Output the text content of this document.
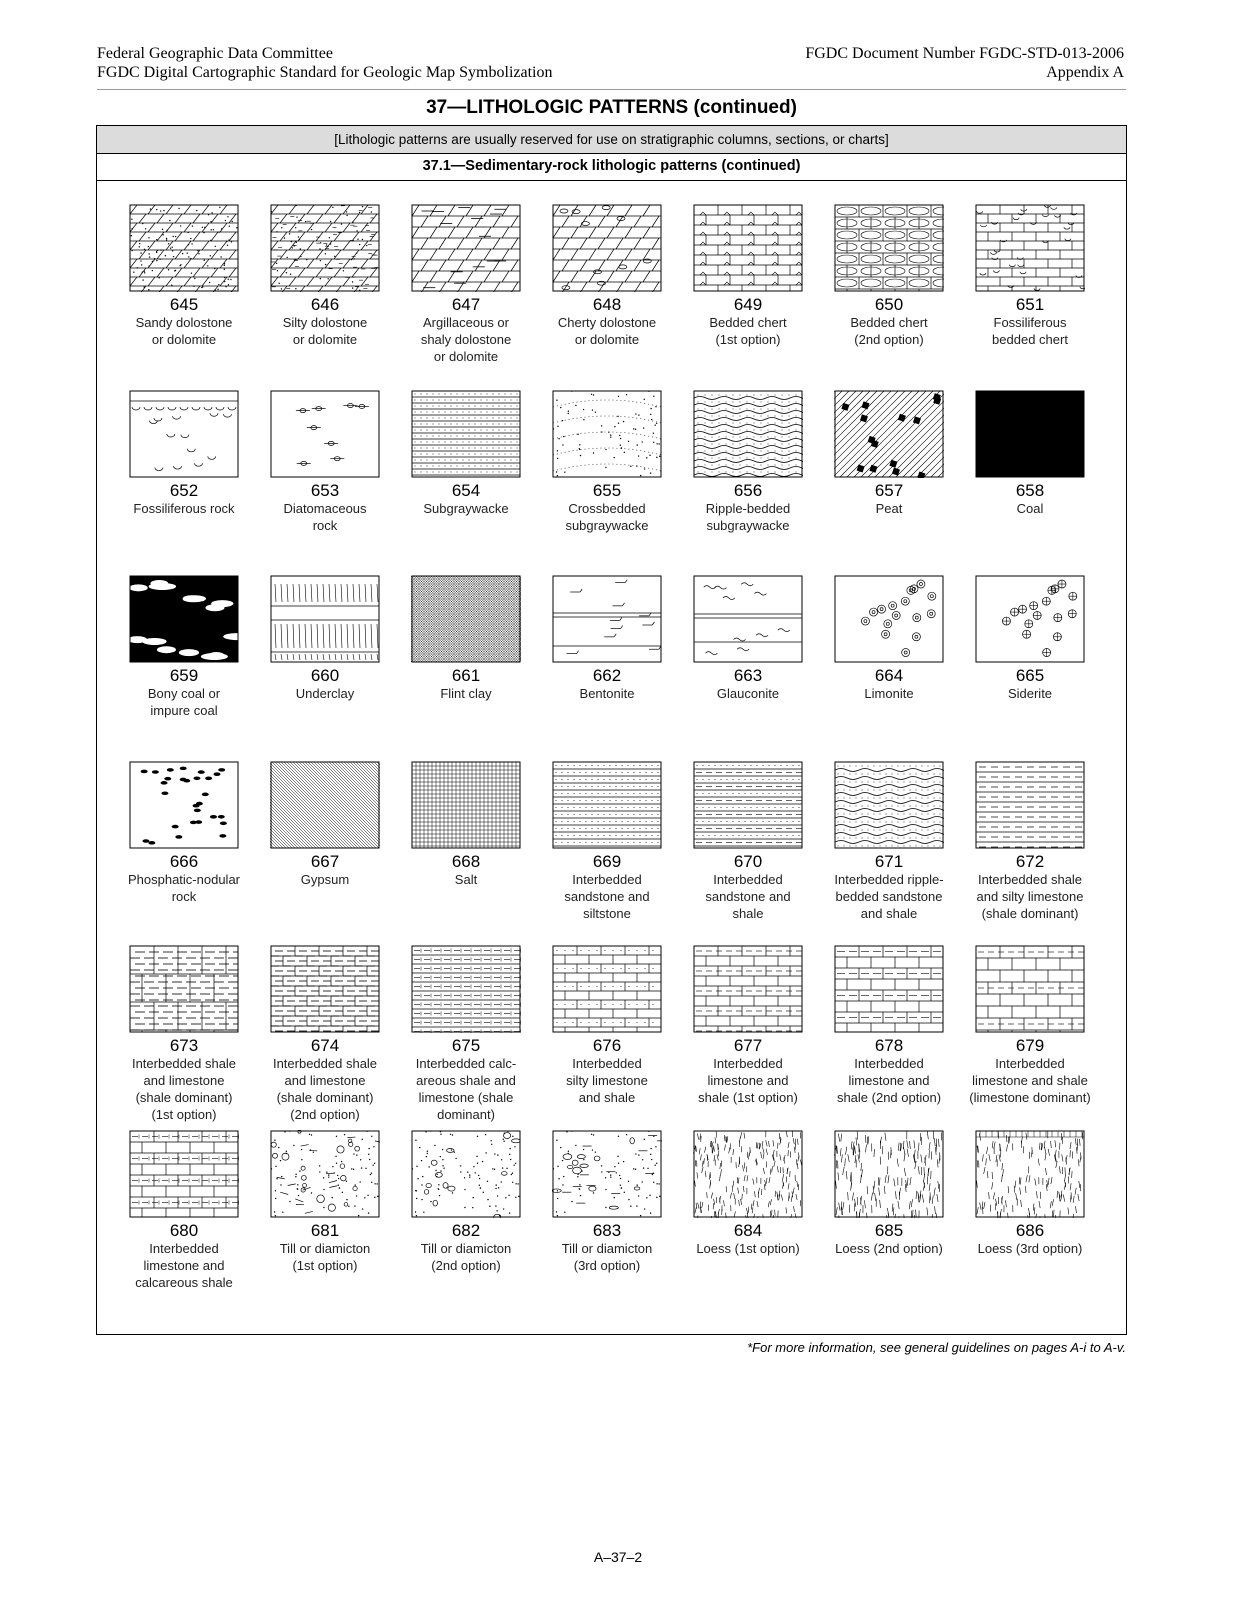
Federal Geographic Data Committee
FGDC Digital Cartographic Standard for Geologic Map Symbolization
FGDC Document Number FGDC-STD-013-2006
Appendix A
37—LITHOLOGIC PATTERNS (continued)
[Lithologic patterns are usually reserved for use on stratigraphic columns, sections, or charts]
37.1—Sedimentary-rock lithologic patterns (continued)
645
Sandy dolostone
or dolomite
646
Silty dolostone
or dolomite
647
Argillaceous or
shaly dolostone
or dolomite
648
Cherty dolostone
or dolomite
649
Bedded chert
(1st option)
650
Bedded chert
(2nd option)
651
Fossiliferous
bedded chert
652
Fossiliferous rock
653
Diatomaceous
rock
654
Subgraywacke
655
Crossbedded
subgraywacke
656
Ripple-bedded
subgraywacke
657
Peat
658
Coal
659
Bony coal or
impure coal
660
Underclay
661
Flint clay
662
Bentonite
663
Glauconite
664
Limonite
665
Siderite
666
Phosphatic-nodular
rock
667
Gypsum
668
Salt
669
Interbedded
sandstone and
siltstone
670
Interbedded
sandstone and
shale
671
Interbedded ripple-
bedded sandstone
and shale
672
Interbedded shale
and silty limestone
(shale dominant)
673
Interbedded shale
and limestone
(shale dominant)
(1st option)
674
Interbedded shale
and limestone
(shale dominant)
(2nd option)
675
Interbedded calc-
areous shale and
limestone (shale
dominant)
676
Interbedded
silty limestone
and shale
677
Interbedded
limestone and
shale (1st option)
678
Interbedded
limestone and
shale (2nd option)
679
Interbedded
limestone and shale
(limestone dominant)
680
Interbedded
limestone and
calcareous shale
681
Till or diamicton
(1st option)
682
Till or diamicton
(2nd option)
683
Till or diamicton
(3rd option)
684
Loess (1st option)
685
Loess (2nd option)
686
Loess (3rd option)
*For more information, see general guidelines on pages A-i to A-v.
A–37–2
